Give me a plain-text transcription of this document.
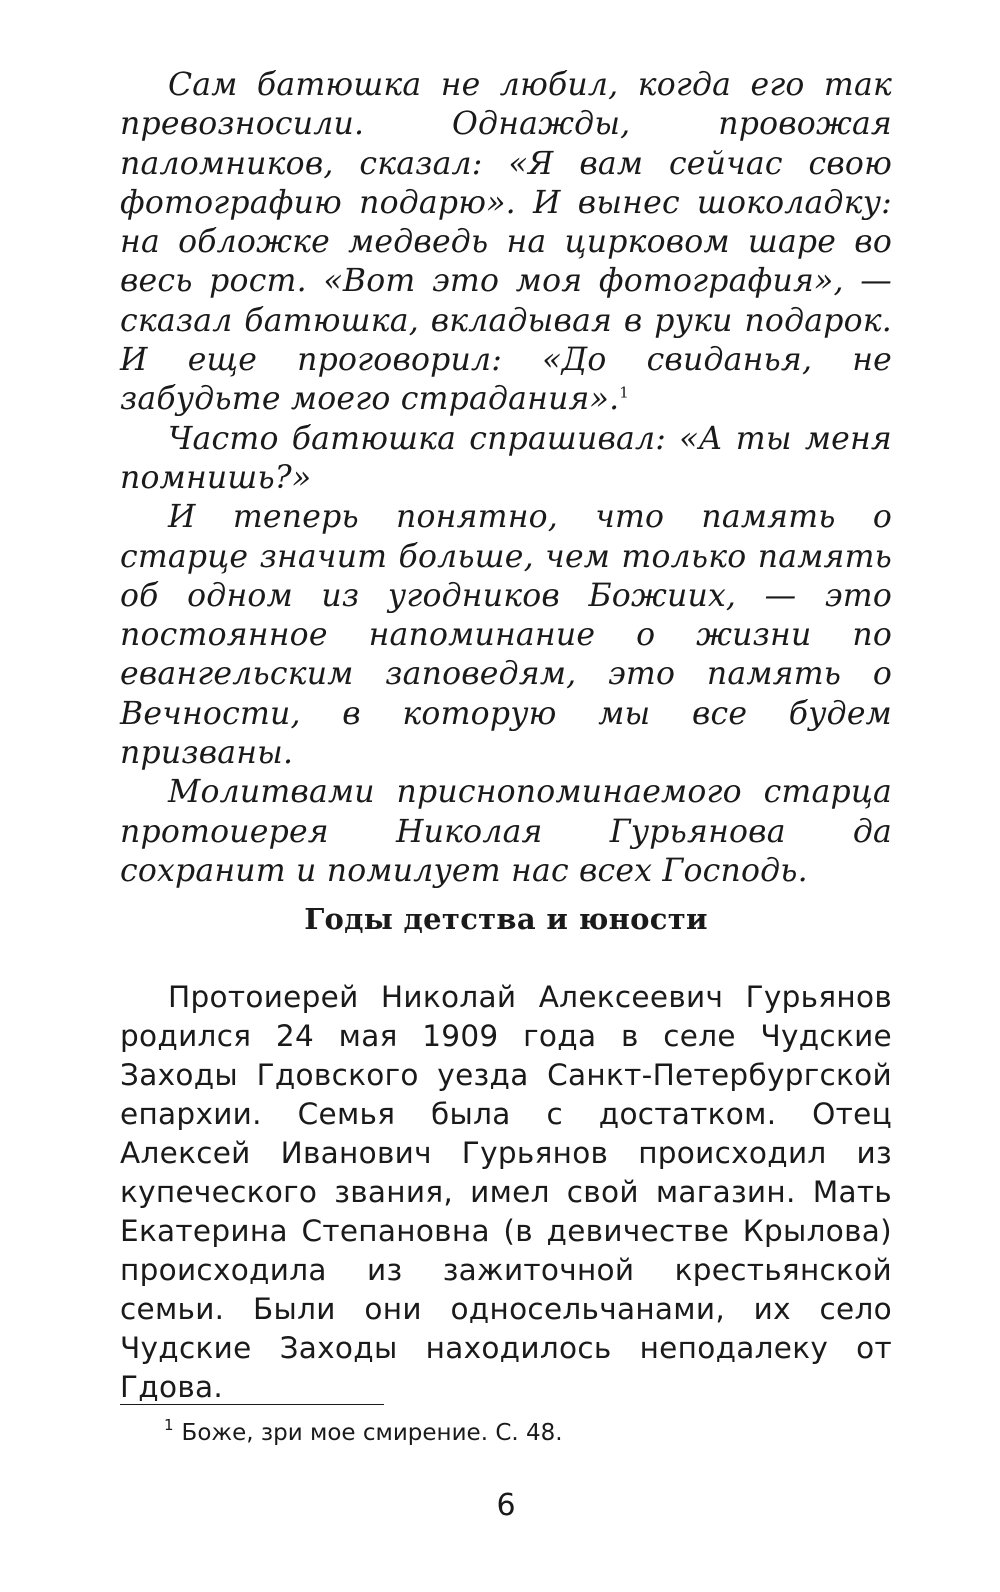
Сам батюшка не любил, когда его так превозносили. Однажды, провожая паломников, сказал: «Я вам сейчас свою фотографию подарю». И вынес шоколадку: на обложке медведь на цирковом шаре во весь рост. «Вот это моя фотография», — сказал батюшка, вкладывая в руки подарок. И еще проговорил: «До свиданья, не забудьте моего страдания».$^1$

Часто батюшка спрашивал: «А ты меня помнишь?»

И теперь понятно, что память о старце значит больше, чем только память об одном из угодников Божиих, — это постоянное напоминание о жизни по евангельским заповедям, это память о Вечности, в которую мы все будем призваны.

Молитвами приснопоминаемого старца протоиерея Николая Гурьянова да сохранит и помилует нас всех Господь.

Годы детства и юности

Протоиерей Николай Алексеевич Гурьянов родился 24 мая 1909 года в селе Чудские Заходы Гдовского уезда Санкт-Петербургской епархии. Семья была с достатком. Отец Алексей Иванович Гурьянов происходил из купеческого звания, имел свой магазин. Мать Екатерина Степановна (в девичестве Крылова) происходила из зажиточной крестьянской семьи. Были они односельчанами, их село Чудские Заходы находилось неподалеку от Гдова.

$^1$ Боже, зри мое смирение. С. 48.

6
